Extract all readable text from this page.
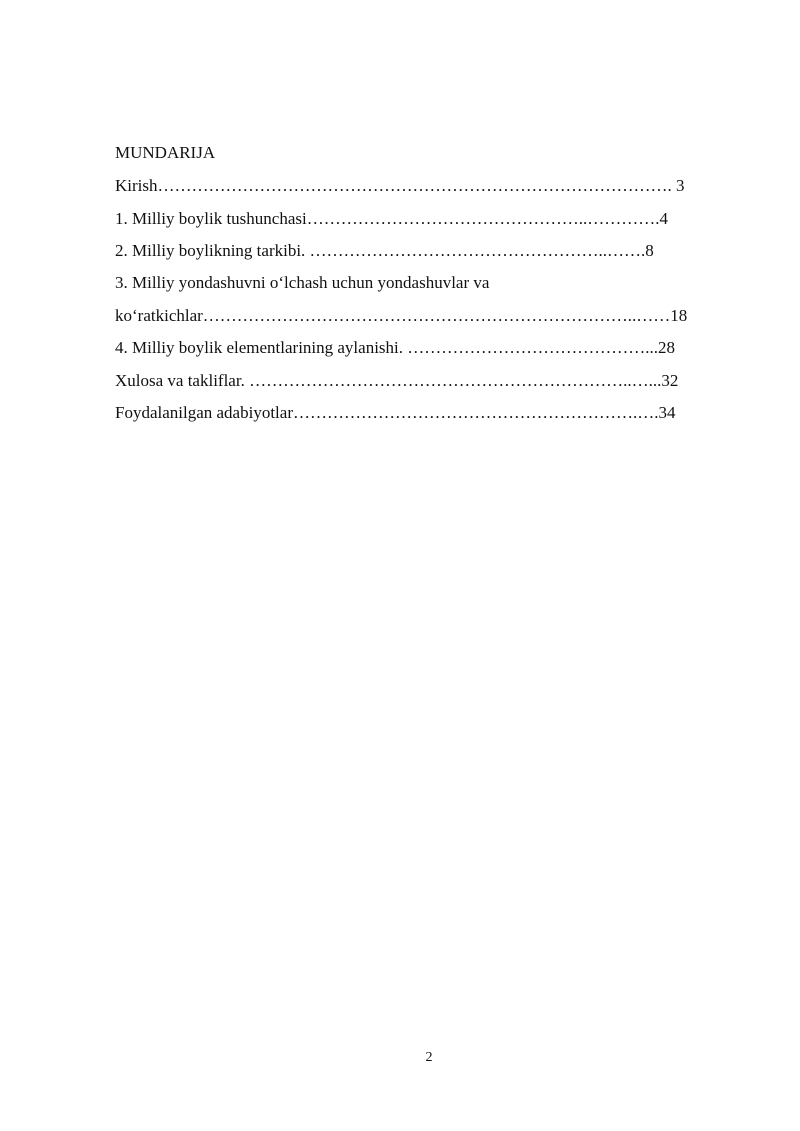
MUNDARIJA
Kirish………………………………………………………………………………. 3
1. Milliy boylik tushunchasi…………………………………………..………….4
2. Milliy boylikning tarkibi. ……………………………………………..…….8
3. Milliy yondashuvni oʻlchash uchun yondashuvlar va
koʻratkichlar…………………………………………………………………..……18
4. Milliy boylik elementlarining aylanishi. ……………………………………...28
Xulosa va takliflar. …………………………………………………………..…...32
Foydalanilgan adabiyotlar…………………………………………………….….34
2
